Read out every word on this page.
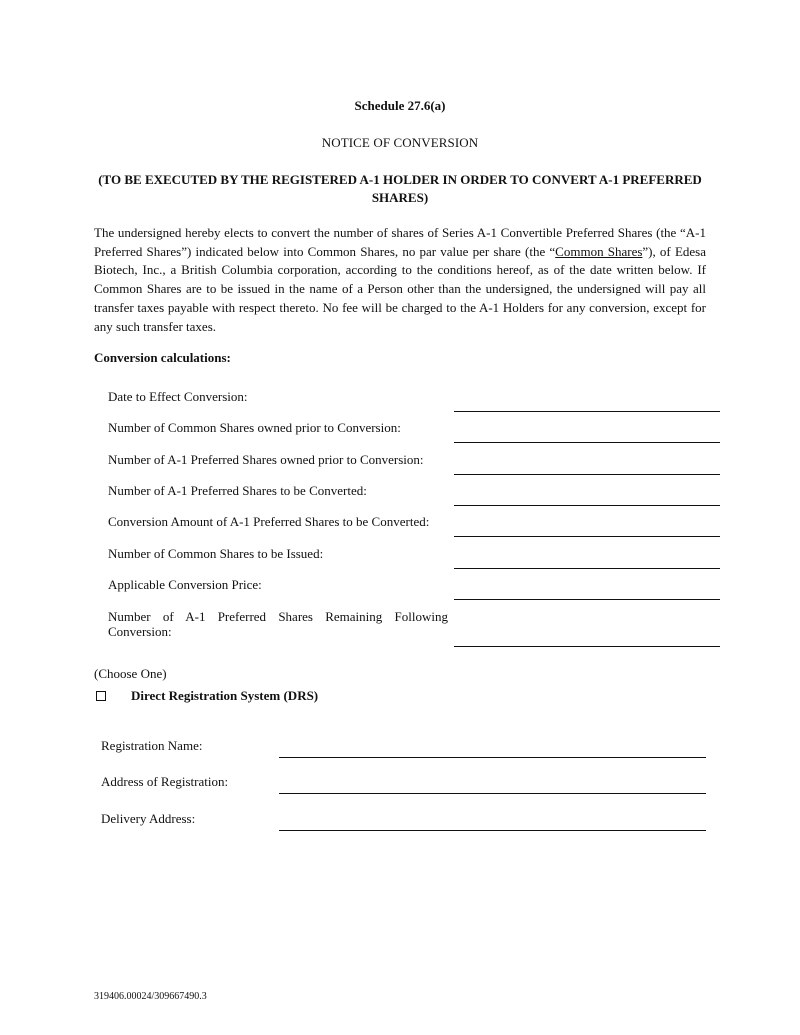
Schedule 27.6(a)
NOTICE OF CONVERSION
(TO BE EXECUTED BY THE REGISTERED A-1 HOLDER IN ORDER TO CONVERT A-1 PREFERRED SHARES)
The undersigned hereby elects to convert the number of shares of Series A-1 Convertible Preferred Shares (the “A-1 Preferred Shares”) indicated below into Common Shares, no par value per share (the “Common Shares”), of Edesa Biotech, Inc., a British Columbia corporation, according to the conditions hereof, as of the date written below. If Common Shares are to be issued in the name of a Person other than the undersigned, the undersigned will pay all transfer taxes payable with respect thereto. No fee will be charged to the A-1 Holders for any conversion, except for any such transfer taxes.
Conversion calculations:
Date to Effect Conversion:
Number of Common Shares owned prior to Conversion:
Number of A-1 Preferred Shares owned prior to Conversion:
Number of A-1 Preferred Shares to be Converted:
Conversion Amount of A-1 Preferred Shares to be Converted:
Number of Common Shares to be Issued:
Applicable Conversion Price:
Number of A-1 Preferred Shares Remaining Following Conversion:
(Choose One)
Direct Registration System (DRS)
Registration Name:
Address of Registration:
Delivery Address:
319406.00024/309667490.3
